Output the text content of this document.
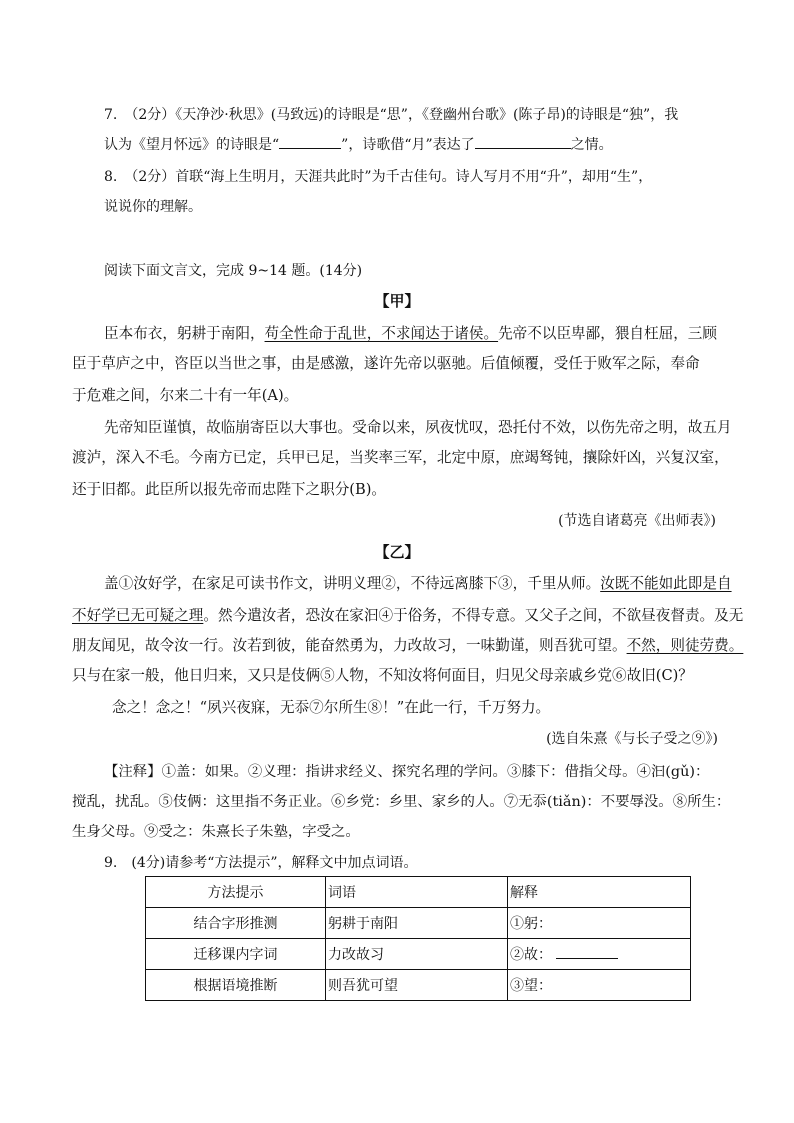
7.　（2分）《天净沙·秋思》(马致远)的诗眼是“思”，《登幽州台歌》(陈子昂)的诗眼是“独”，我
认为《望月怀远》的诗眼是“	”，诗歌借“月”表达了	之情。
8.　（2分）首联“海上生明月，天涯共此时”为千古佳句。诗人写月不用“升”，却用“生”，
说说你的理解。
阅读下面文言文，完成 9~14 题。(14分)
【甲】
臣本布衣，躬耕于南阳，苟全性命于乱世，不求闻达于诸侯。先帝不以臣卑鄙，猥自枉屈，三顾
臣于草庐之中，咨臣以当世之事，由是感激，遂许先帝以驱驰。后值倾覆，受任于败军之际，奉命
于危难之间，尔来二十有一年(A)。
先帝知臣谨慎，故临崩寄臣以大事也。受命以来，夙夜忧叹，恐托付不效，以伤先帝之明，故五月
渡泸，深入不毛。今南方已定，兵甲已足，当奖率三军，北定中原，庶竭驽钝，攘除奸凶，兴复汉室，
还于旧都。此臣所以报先帝而忠陛下之职分(B)。
(节选自诸葛亮《出师表》)
【乙】
盖①汝好学，在家足可读书作文，讲明义理②，不待远离膝下③，千里从师。汝既不能如此即是自
不好学已无可疑之理。然今遣汝者，恐汝在家汩④于俗务，不得专意。又父子之间，不欲昼夜督责。及无
朋友闻见，故令汝一行。汝若到彼，能奋然勇为，力改故习，一味勤谨，则吾犹可望。不然，则徒劳费。
只与在家一般，他日归来，又只是伎俩⑤人物，不知汝将何面目，归见父母亲戚乡党⑥故旧(C)？
念之！念之！“夙兴夜寐，无忝⑦尔所生⑧！”在此一行，千万努力。
(选自朱熹《与长子受之⑨》)
【注释】①盖：如果。②义理：指讲求经义、探究名理的学问。③膝下：借指父母。④汩(gǔ)：
搅乱，扰乱。⑤伎俩：这里指不务正业。⑥乡党：乡里、家乡的人。⑦无忝(tiǎn)：不要辱没。⑧所生：
生身父母。⑨受之：朱熹长子朱塾，字受之。
9.　(4分)请参考“方法提示”，解释文中加点词语。
方法提示	词语	解释
结合字形推测	躬耕于南阳	①躬：
迁移课内字词	力改故习	②故：
根据语境推断	则吾犹可望	③望：
